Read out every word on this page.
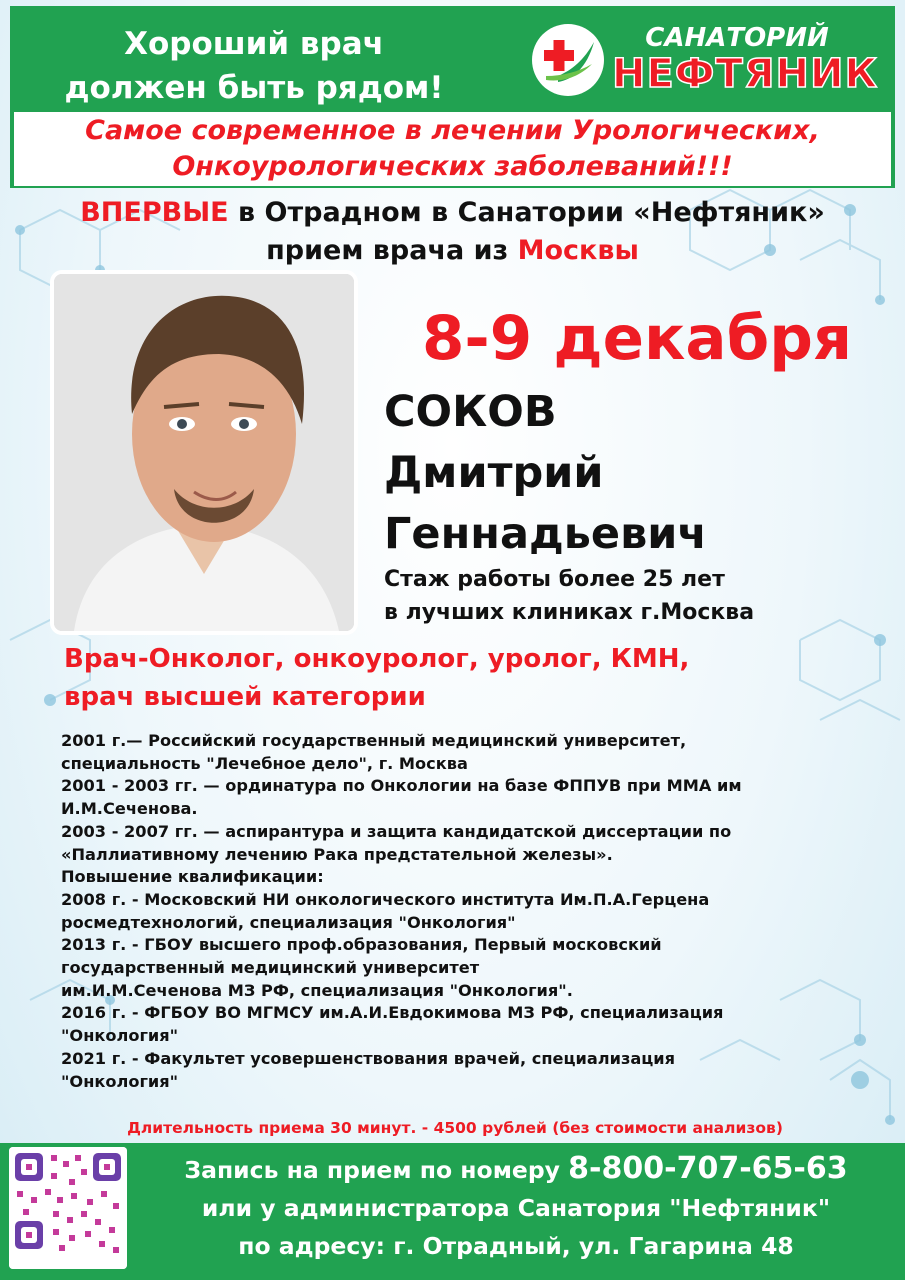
Хороший врач
должен быть рядом!
САНАТОРИЙ
НЕФТЯНИК
Самое современное в лечении Урологических,
Онкоурологических заболеваний!!!
ВПЕРВЫЕ в Отрадном в Санатории «Нефтяник»
прием врача из Москвы
8-9 декабря
СОКОВ
Дмитрий
Геннадьевич
Стаж работы более 25 лет
в лучших клиниках г.Москва
Врач-Онколог, онкоуролог, уролог, КМН,
врач высшей категории
2001 г.— Российский государственный медицинский университет,
специальность "Лечебное дело", г. Москва
2001 - 2003 гг. — ординатура по Онкологии на базе ФППУВ при ММА им
И.М.Сеченова.
2003 - 2007 гг. — аспирантура и защита кандидатской диссертации по
«Паллиативному лечению Рака предстательной железы».
Повышение квалификации:
2008 г. - Московский НИ онкологического института Им.П.А.Герцена
росмедтехнологий, специализация "Онкология"
2013 г. - ГБОУ высшего проф.образования, Первый московский
государственный медицинский университет
им.И.М.Сеченова МЗ РФ, специализация "Онкология".
2016 г. - ФГБОУ ВО МГМСУ им.А.И.Евдокимова МЗ РФ, специализация
"Онкология"
2021 г. - Факультет усовершенствования врачей, специализация
"Онкология"
Длительность приема 30 минут. - 4500 рублей (без стоимости анализов)
@SAN_NEFT163
Запись на прием по номеру 8-800-707-65-63
или у администратора Санатория "Нефтяник"
по адресу: г. Отрадный, ул. Гагарина 48
